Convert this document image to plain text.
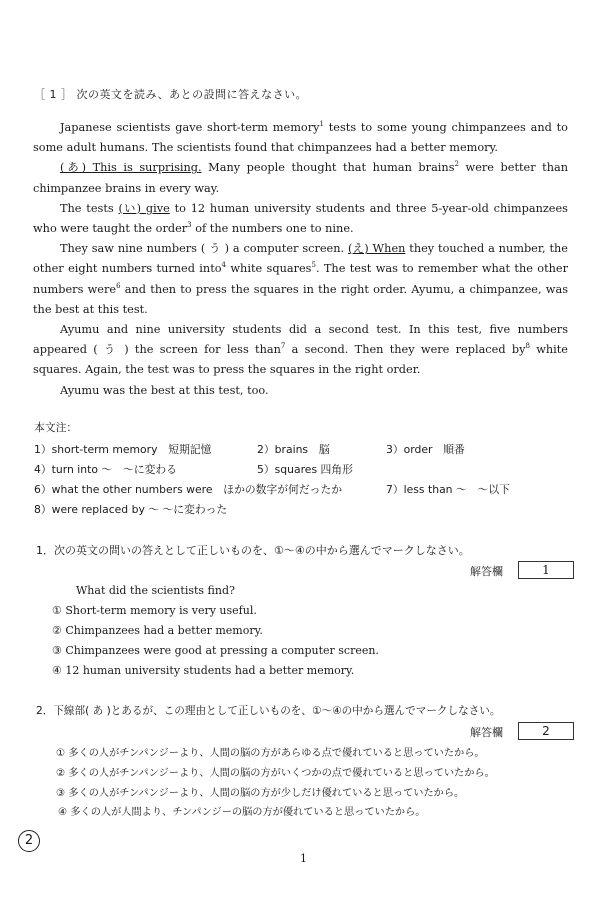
［ 1 ］ 次の英文を読み、あとの設問に答えなさい。

Japanese scientists gave short-term memory$^1$ tests to some young chimpanzees and to some adult humans. The scientists found that chimpanzees had a better memory.

(あ) This is surprising. Many people thought that human brains$^2$ were better than chimpanzee brains in every way.

The tests (い) give to 12 human university students and three 5-year-old chimpanzees who were taught the order$^3$ of the numbers one to nine.

They saw nine numbers ( う ) a computer screen. (え) When they touched a number, the other eight numbers turned into$^4$ white squares$^5$. The test was to remember what the other numbers were$^6$ and then to press the squares in the right order. Ayumu, a chimpanzee, was the best at this test.

Ayumu and nine university students did a second test. In this test, five numbers appeared ( う ) the screen for less than$^7$ a second. Then they were replaced $by^8$ white squares. Again, the test was to press the squares in the right order.

Ayumu was the best at this test, too.

本文注：
1）short-term memory　短期記憶	2）brains　脳	3）order　順番
4）turn into ～　～に変わる	5）squares 四角形
6）what the other numbers were　ほかの数字が何だったか	7）less than ～　～以下
8）were replaced by ～ ～に変わった
1．次の英文の問いの答えとして正しいものを、①～④の中から選んでマークしなさい。
解答欄	1
What did the scientists find?
① Short-term memory is very useful.
② Chimpanzees had a better memory.
③ Chimpanzees were good at pressing a computer screen.
④ 12 human university students had a better memory.
2．下線部( あ )とあるが、この理由として正しいものを、①～④の中から選んでマークしなさい。
解答欄	2
① 多くの人がチンパンジーより、人間の脳の方があらゆる点で優れていると思っていたから。
② 多くの人がチンパンジーより、人間の脳の方がいくつかの点で優れていると思っていたから。
③ 多くの人がチンパンジーより、人間の脳の方が少しだけ優れていると思っていたから。
④ 多くの人が人間より、チンパンジーの脳の方が優れていると思っていたから。
2
1
